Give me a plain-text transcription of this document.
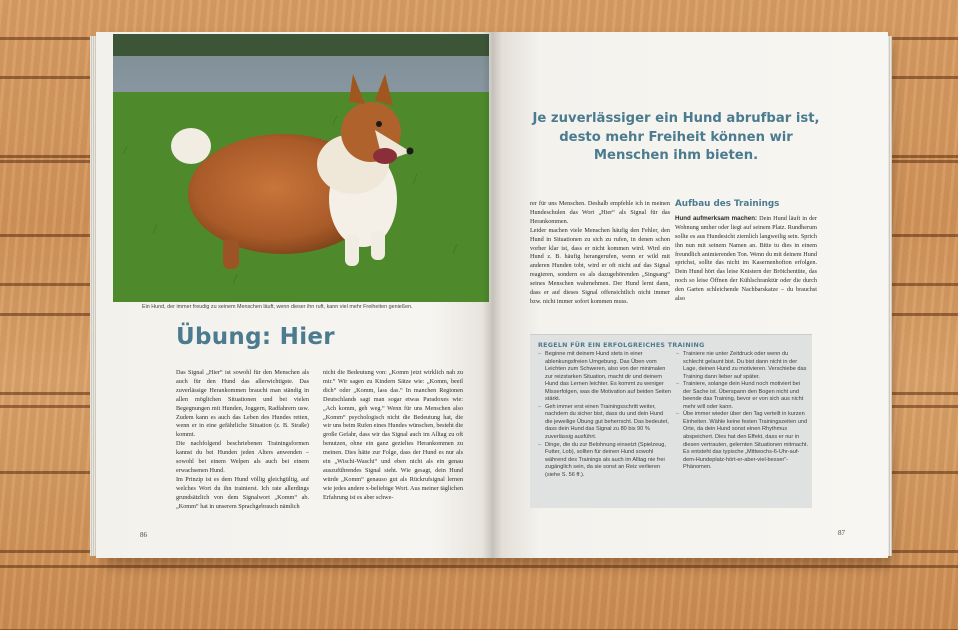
Ein Hund, der immer freudig zu seinem Menschen läuft, wenn dieser ihn ruft, kann viel mehr Freiheiten genießen.
Übung: Hier

Das Signal „Hier“ ist sowohl für den Menschen als auch für den Hund das allerwichtigste. Das zuverlässige Herankommen braucht man ständig in allen möglichen Situationen und bei vielen Begegnungen mit Hunden, Joggern, Radfahrern usw. Zudem kann es auch das Leben des Hundes retten, wenn er in eine gefährliche Situation (z. B. Straße) kommt.

Die nachfolgend beschriebenen Trainingsformen kannst du bei Hunden jeden Alters anwenden – sowohl bei einem Welpen als auch bei einem erwachsenen Hund.

Im Prinzip ist es dem Hund völlig gleichgültig, auf welches Wort du ihn trainierst. Ich rate allerdings grundsätzlich von dem Signalwort „Komm“ ab. „Komm“ hat in unserem Sprachgebrauch nämlich

nicht die Bedeutung von: „Komm jetzt wirklich nah zu mir.“ Wir sagen zu Kindern Sätze wie: „Komm, beeil dich“ oder „Komm, lass das.“ In manchen Regionen Deutschlands sagt man sogar etwas Paradoxes wie: „Ach komm, geh weg.“ Wenn für uns Menschen also „Komm“ psychologisch nicht die Bedeutung hat, die wir uns beim Rufen eines Hundes wünschen, besteht die große Gefahr, dass wir das Signal auch im Alltag zu oft benutzen, ohne ein ganz gezieltes Herankommen zu meinen. Dies hätte zur Folge, dass der Hund es nur als ein „Wischi-Waschi“ und eben nicht als ein genau auszuführendes Signal sieht. Wie gesagt, dein Hund würde „Komm“ genauso gut als Rückrufsignal lernen wie jedes andere x-beliebige Wort. Aus meiner täglichen Erfahrung ist es aber schwe-

86
Je zuverlässiger ein Hund abrufbar ist, desto mehr Freiheit können wir Menschen ihm bieten.

rer für uns Menschen. Deshalb empfehle ich in meinen Hundeschulen das Wort „Hier“ als Signal für das Herankommen.

Leider machen viele Menschen häufig den Fehler, den Hund in Situationen zu sich zu rufen, in denen schon vorher klar ist, dass er nicht kommen wird. Wird ein Hund z. B. häufig herangerufen, wenn er wild mit anderen Hunden tobt, wird er oft nicht auf das Signal reagieren, sondern es als dazugehörenden „Singsang“ seines Menschen wahrnehmen. Der Hund lernt dann, dass er auf dieses Signal offensichtlich nicht immer bzw. nicht immer sofort kommen muss.

Aufbau des Trainings

Hund aufmerksam machen: Dein Hund läuft in der Wohnung umher oder liegt auf seinem Platz. Rundherum sollte es aus Hundesicht ziemlich langweilig sein. Sprich ihn nun mit seinem Namen an. Bitte tu dies in einem freundlich animierenden Ton. Wenn du mit deinem Hund sprichst, sollte das nicht im Kasernenhofton erfolgen. Dein Hund hört das leise Knistern der Brötchentüte, das noch so leise Öffnen der Kühlschranktür oder die durch den Garten schleichende Nachbarskatze – du brauchst also

REGELN FÜR EIN ERFOLGREICHES TRAINING
– Beginne mit deinem Hund stets in einer ablenkungsfreien Umgebung. Das Üben vom Leichten zum Schweren, also von der minimalen zur reizstarken Situation, macht dir und deinem Hund das Lernen leichter. Es kommt zu weniger Misserfolgen, was die Motivation auf beiden Seiten stärkt.
– Geh immer erst einen Trainingsschritt weiter, nachdem du sicher bist, dass du und dein Hund die jeweilige Übung gut beherrscht. Das bedeutet, dass dein Hund das Signal zu 80 bis 90 % zuverlässig ausführt.
– Dinge, die du zur Belohnung einsetzt (Spielzeug, Futter, Lob), sollten für deinen Hund sowohl während des Trainings als auch im Alltag nie frei zugänglich sein, da sie sonst an Reiz verlieren (siehe S. 56 ff.).
– Trainiere nie unter Zeitdruck oder wenn du schlecht gelaunt bist. Du bist dann nicht in der Lage, deinen Hund zu motivieren. Verschiebe das Training dann lieber auf später.
– Trainiere, solange dein Hund noch motiviert bei der Sache ist. Überspann den Bogen nicht und beende das Training, bevor er von sich aus nicht mehr will oder kann.
– Übe immer wieder über den Tag verteilt in kurzen Einheiten. Wähle keine festen Trainingszeiten und Orte, da dein Hund sonst einen Rhythmus abspeichert. Dies hat den Effekt, dass er nur in diesen vertrauten, gelernten Situationen mitmacht. Es entsteht das typische „Mittwochs-6-Uhr-auf-dem-Hundeplatz-hört-er-aber-viel-besser“-Phänomen.
87
